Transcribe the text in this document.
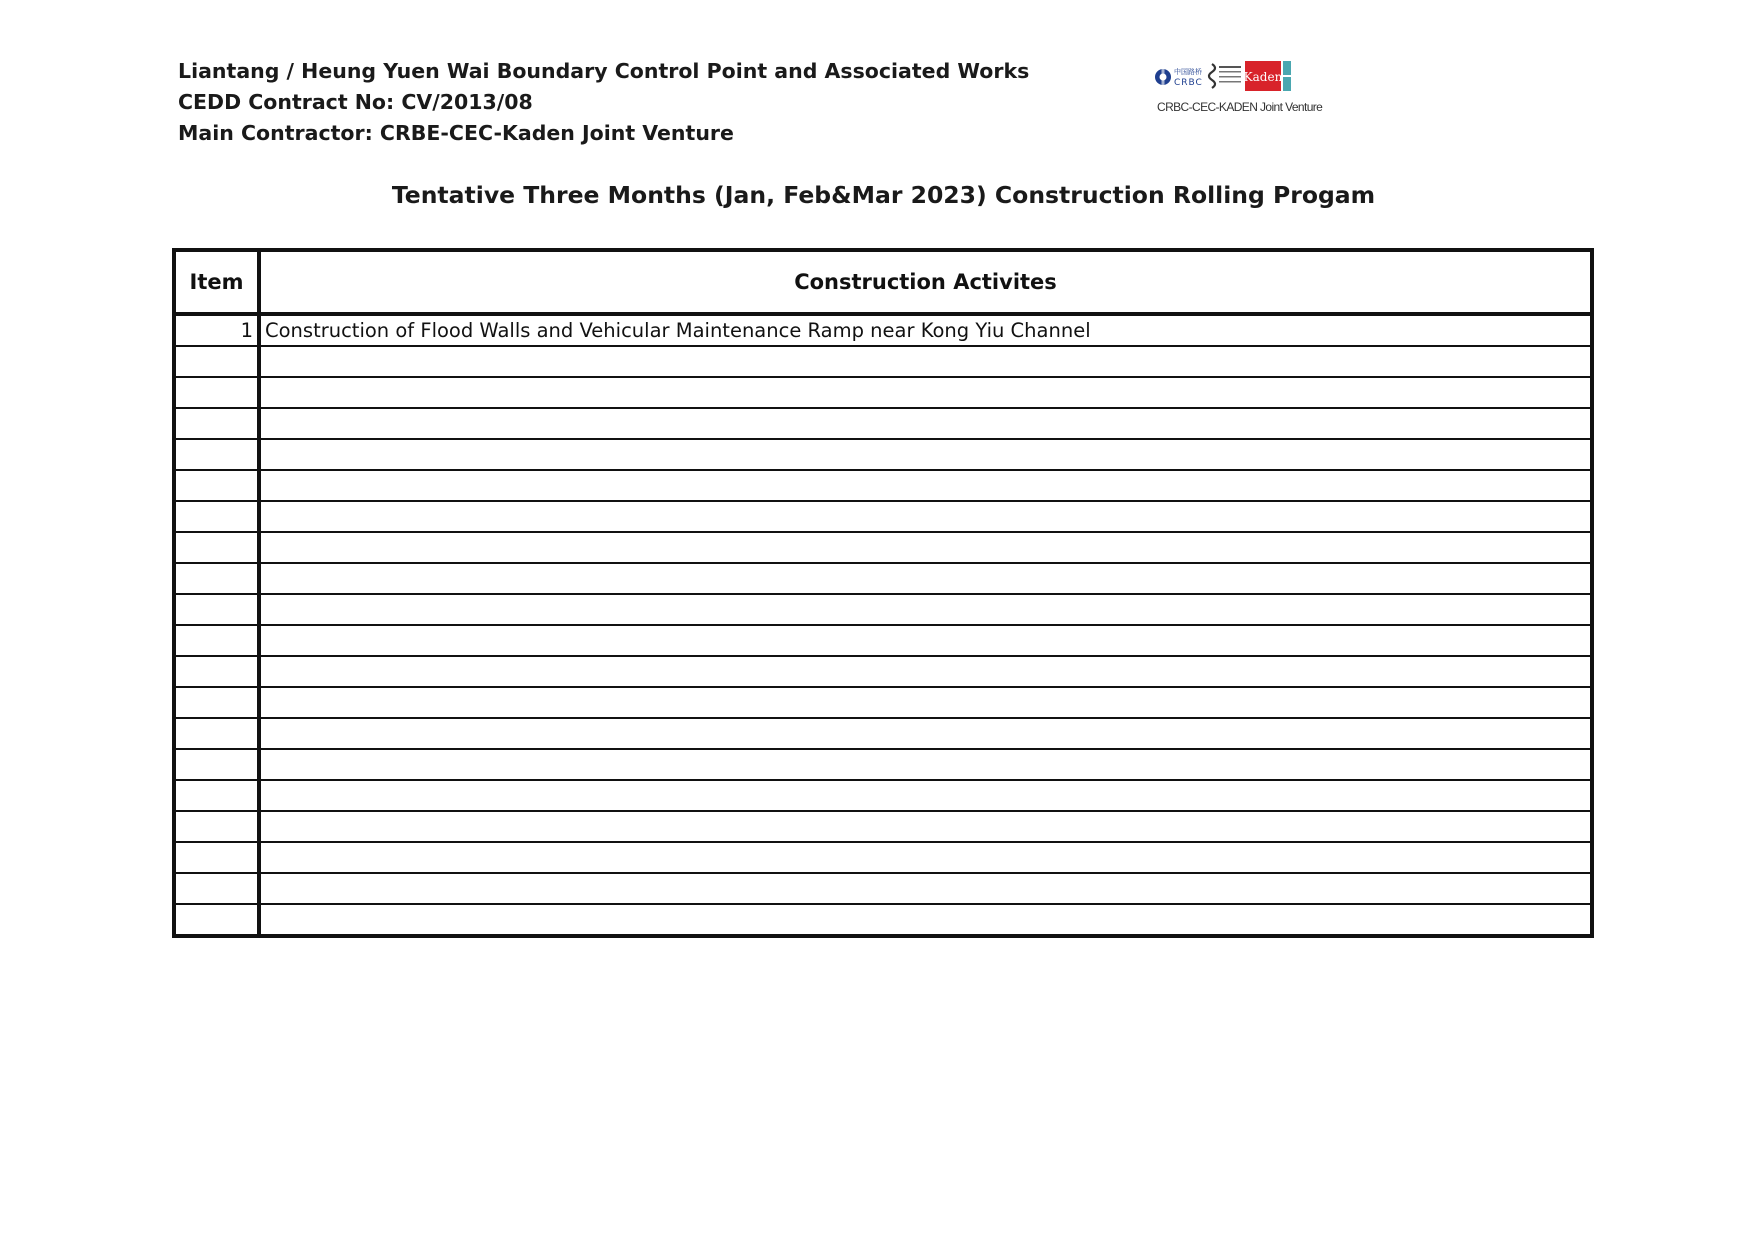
Liantang / Heung Yuen Wai Boundary Control Point and Associated Works
CEDD Contract No: CV/2013/08
Main Contractor: CRBE-CEC-Kaden Joint Venture
中国路桥
CRBC	Kaden
CRBC-CEC-KADEN Joint Venture
Tentative Three Months (Jan, Feb&Mar 2023) Construction Rolling Progam
Item	Construction Activites
1	Construction of Flood Walls and Vehicular Maintenance Ramp near Kong Yiu Channel
